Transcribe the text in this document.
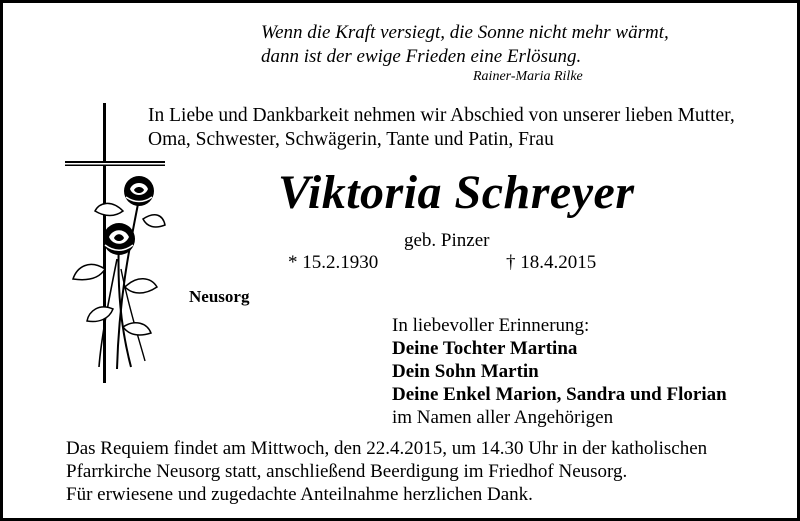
Wenn die Kraft versiegt, die Sonne nicht mehr wärmt,
dann ist der ewige Frieden eine Erlösung.
Rainer-Maria Rilke
In Liebe und Dankbarkeit nehmen wir Abschied von unserer lieben Mutter,
Oma, Schwester, Schwägerin, Tante und Patin, Frau
Viktoria Schreyer
geb. Pinzer
* 15.2.1930	† 18.4.2015
Neusorg
In liebevoller Erinnerung:
Deine Tochter Martina
Dein Sohn Martin
Deine Enkel Marion, Sandra und Florian
im Namen aller Angehörigen
Das Requiem findet am Mittwoch, den 22.4.2015, um 14.30 Uhr in der katholischen
Pfarrkirche Neusorg statt, anschließend Beerdigung im Friedhof Neusorg.
Für erwiesene und zugedachte Anteilnahme herzlichen Dank.
